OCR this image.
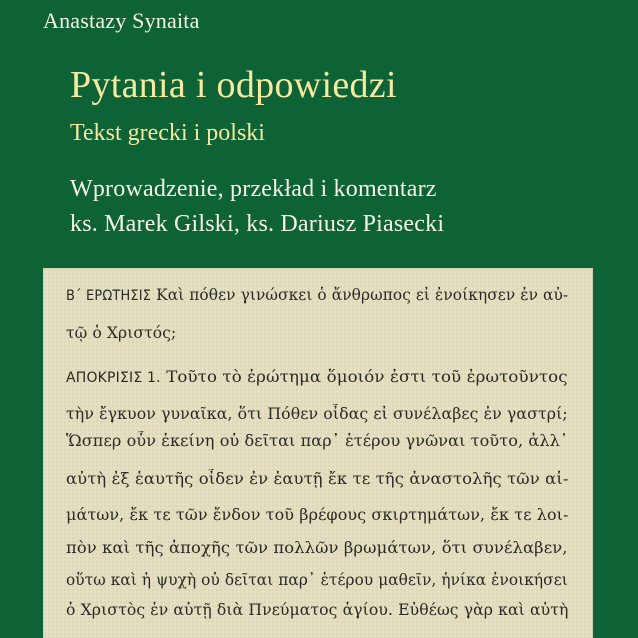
Anastazy Synaita
Pytania i odpowiedzi
Tekst grecki i polski
Wprowadzenie, przekład i komentarz
ks. Marek Gilski, ks. Dariusz Piasecki
Β΄ ΕΡΩΤΗΣΙΣ Καὶ πόθεν γινώσκει ὁ ἄνθρωπος εἰ ἐνοίκησεν ἐν αὐ-
τῷ ὁ Χριστός;
ΑΠΟΚΡΙΣΙΣ 1. Τοῦτο τὸ ἐρώτημα ὅμοιόν ἐστι τοῦ ἐρωτοῦντος
τὴν ἔγκυον γυναῖκα, ὅτι Πόθεν οἶδας εἰ συνέλαβες ἐν γαστρί;
Ὥσπερ οὖν ἐκείνη οὐ δεῖται παρ᾽ ἑτέρου γνῶναι τοῦτο, ἀλλ᾽
αὐτὴ ἐξ ἑαυτῆς οἶδεν ἐν ἑαυτῇ ἔκ τε τῆς ἀναστολῆς τῶν αἱ-
μάτων, ἔκ τε τῶν ἔνδον τοῦ βρέφους σκιρτημάτων, ἔκ τε λοι-
πὸν καὶ τῆς ἀποχῆς τῶν πολλῶν βρωμάτων, ὅτι συνέλαβεν,
οὕτω καὶ ἡ ψυχὴ οὐ δεῖται παρ᾽ ἑτέρου μαθεῖν, ἡνίκα ἐνοικήσει
ὁ Χριστὸς ἐν αὐτῇ διὰ Πνεύματος ἁγίου. Εὐθέως γὰρ καὶ αὐτὴ
